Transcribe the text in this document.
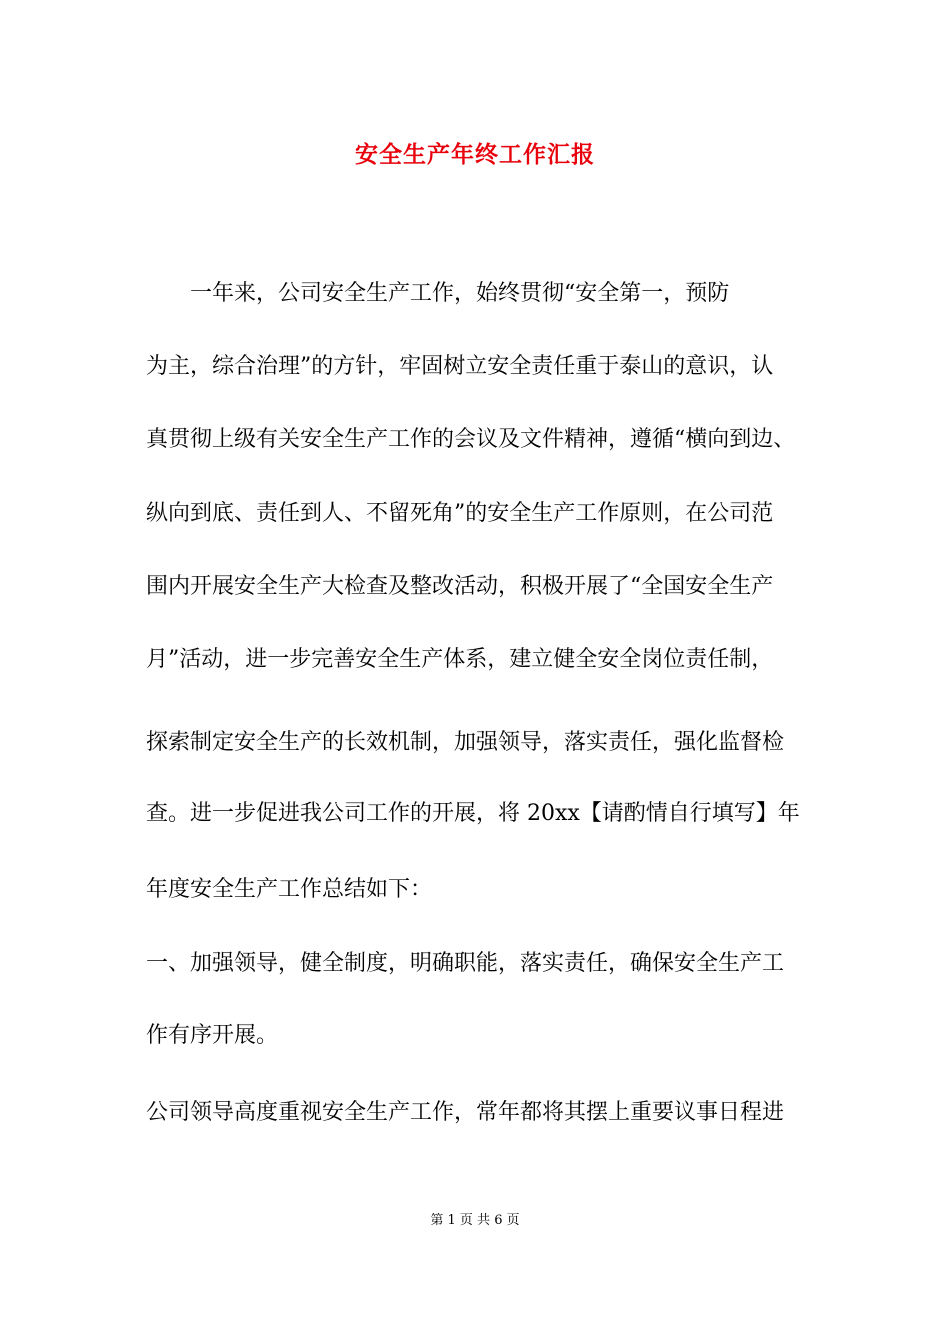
安全生产年终工作汇报

　　一年来，公司安全生产工作，始终贯彻“安全第一，预防

为主，综合治理”的方针，牢固树立安全责任重于泰山的意识，认

真贯彻上级有关安全生产工作的会议及文件精神，遵循“横向到边、

纵向到底、责任到人、不留死角”的安全生产工作原则，在公司范

围内开展安全生产大检查及整改活动，积极开展了“全国安全生产

月”活动，进一步完善安全生产体系，建立健全安全岗位责任制，

探索制定安全生产的长效机制，加强领导，落实责任，强化监督检

查。进一步促进我公司工作的开展，将 20xx【请酌情自行填写】年

年度安全生产工作总结如下：

一、加强领导，健全制度，明确职能，落实责任，确保安全生产工

作有序开展。

公司领导高度重视安全生产工作，常年都将其摆上重要议事日程进

第 1 页 共 6 页
